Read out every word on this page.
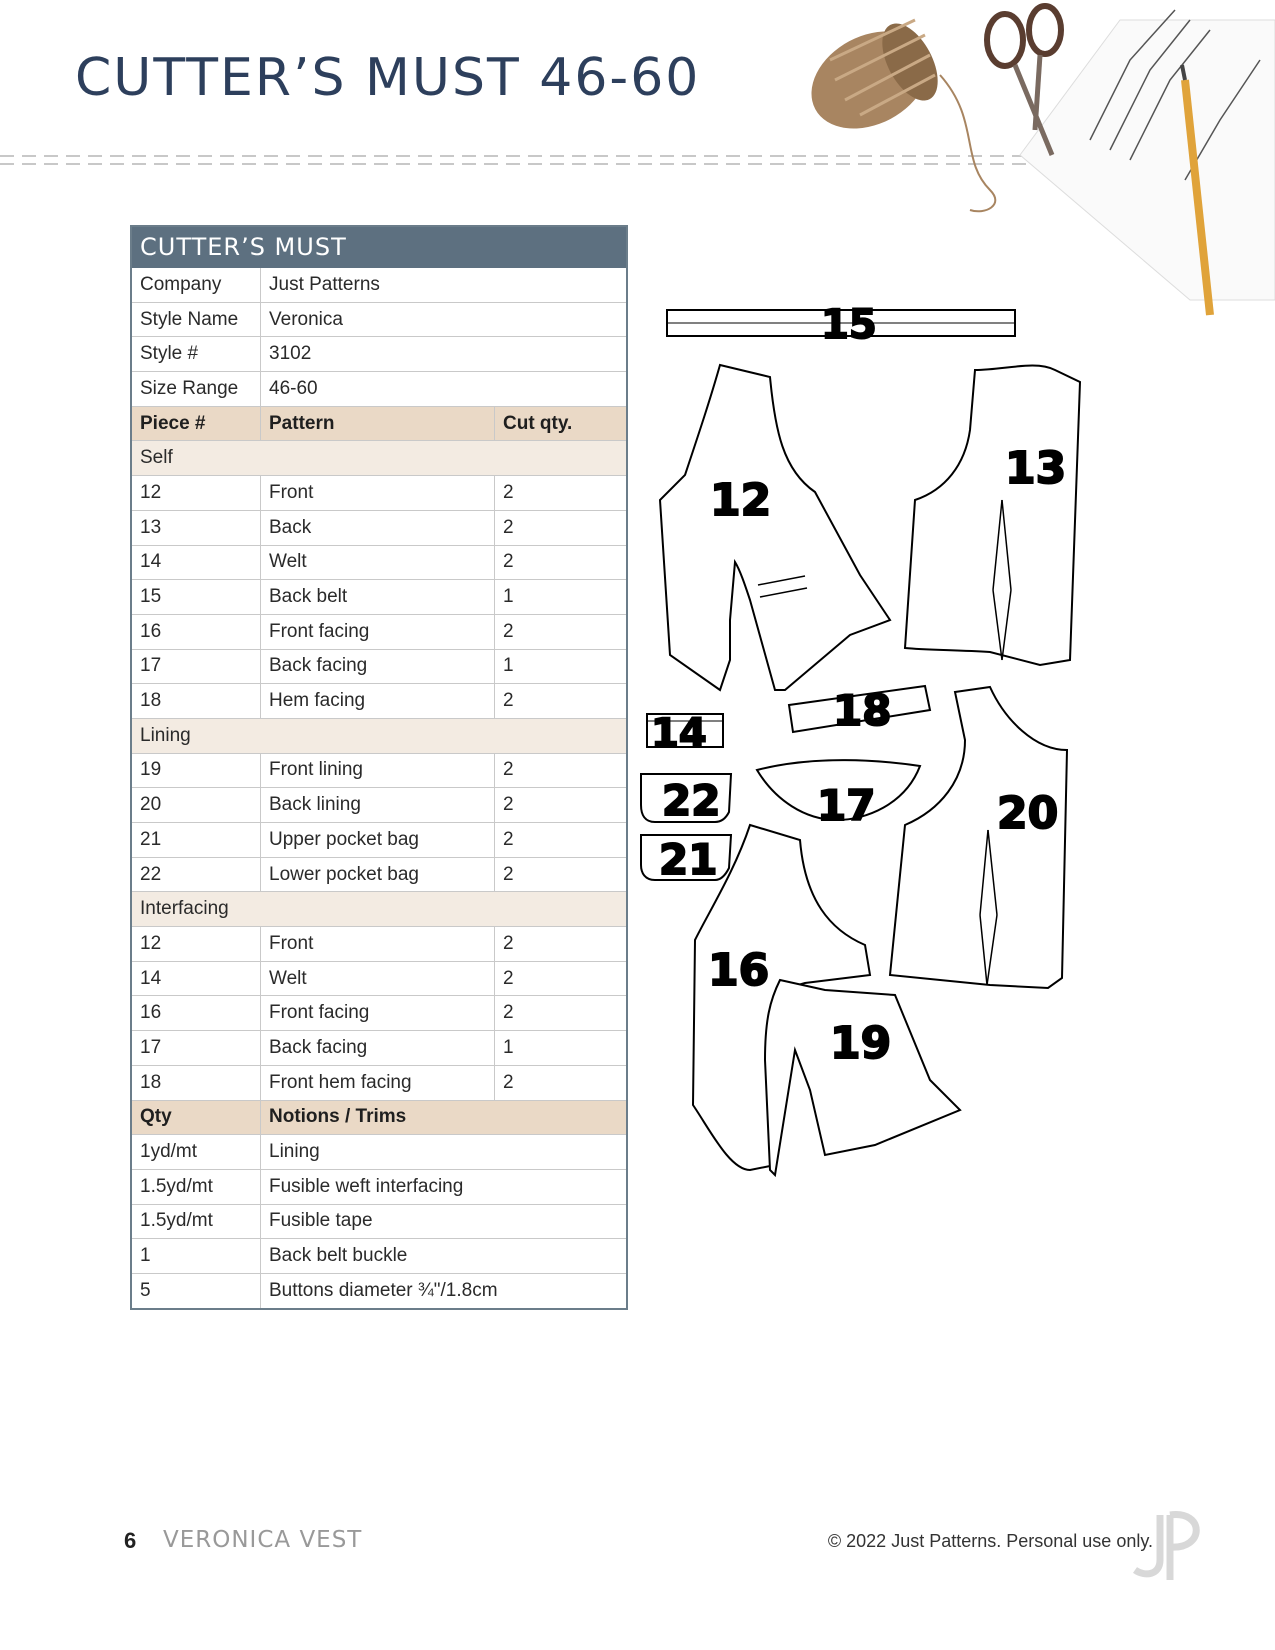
CUTTER’S MUST 46-60
CUTTER’S MUST		
Company	Just Patterns	
Style Name	Veronica	
Style #	3102	
Size Range	46-60	
Piece #	Pattern	Cut qty.
Self		
12	Front	2
13	Back	2
14	Welt	2
15	Back belt	1
16	Front facing	2
17	Back facing	1
18	Hem facing	2
Lining		
19	Front lining	2
20	Back lining	2
21	Upper pocket bag	2
22	Lower pocket bag	2
Interfacing		
12	Front	2
14	Welt	2
16	Front facing	2
17	Back facing	1
18	Front hem facing	2
Qty	Notions / Trims	
1yd/mt	Lining	
1.5yd/mt	Fusible weft interfacing	
1.5yd/mt	Fusible tape	
1	Back belt buckle	
5	Buttons diameter ¾"/1.8cm	
15
12
13
14	18
22 17	20
21
16
19
6 VERONICA VEST	© 2022 Just Patterns. Personal use only.
